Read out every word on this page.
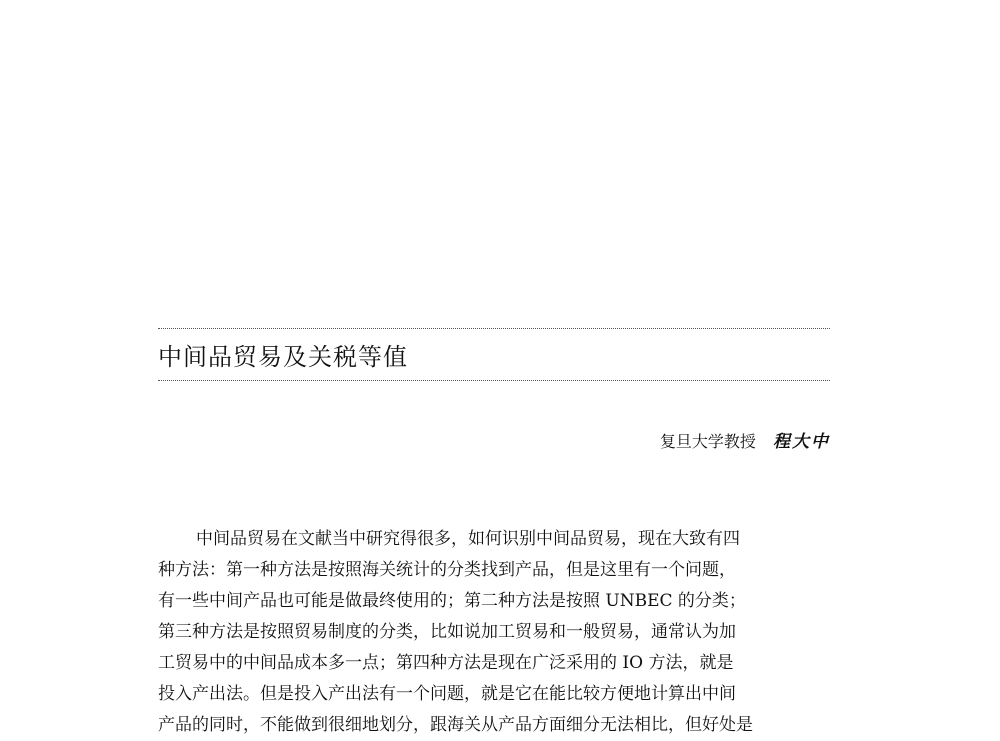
中间品贸易及关税等值
复旦大学教授 程大中
中间品贸易在文献当中研究得很多，如何识别中间品贸易，现在大致有四
种方法：第一种方法是按照海关统计的分类找到产品，但是这里有一个问题，
有一些中间产品也可能是做最终使用的；第二种方法是按照 UNBEC 的分类；
第三种方法是按照贸易制度的分类，比如说加工贸易和一般贸易，通常认为加
工贸易中的中间品成本多一点；第四种方法是现在广泛采用的 IO 方法，就是
投入产出法。但是投入产出法有一个问题，就是它在能比较方便地计算出中间
产品的同时，不能做到很细地划分，跟海关从产品方面细分无法相比，但好处是
